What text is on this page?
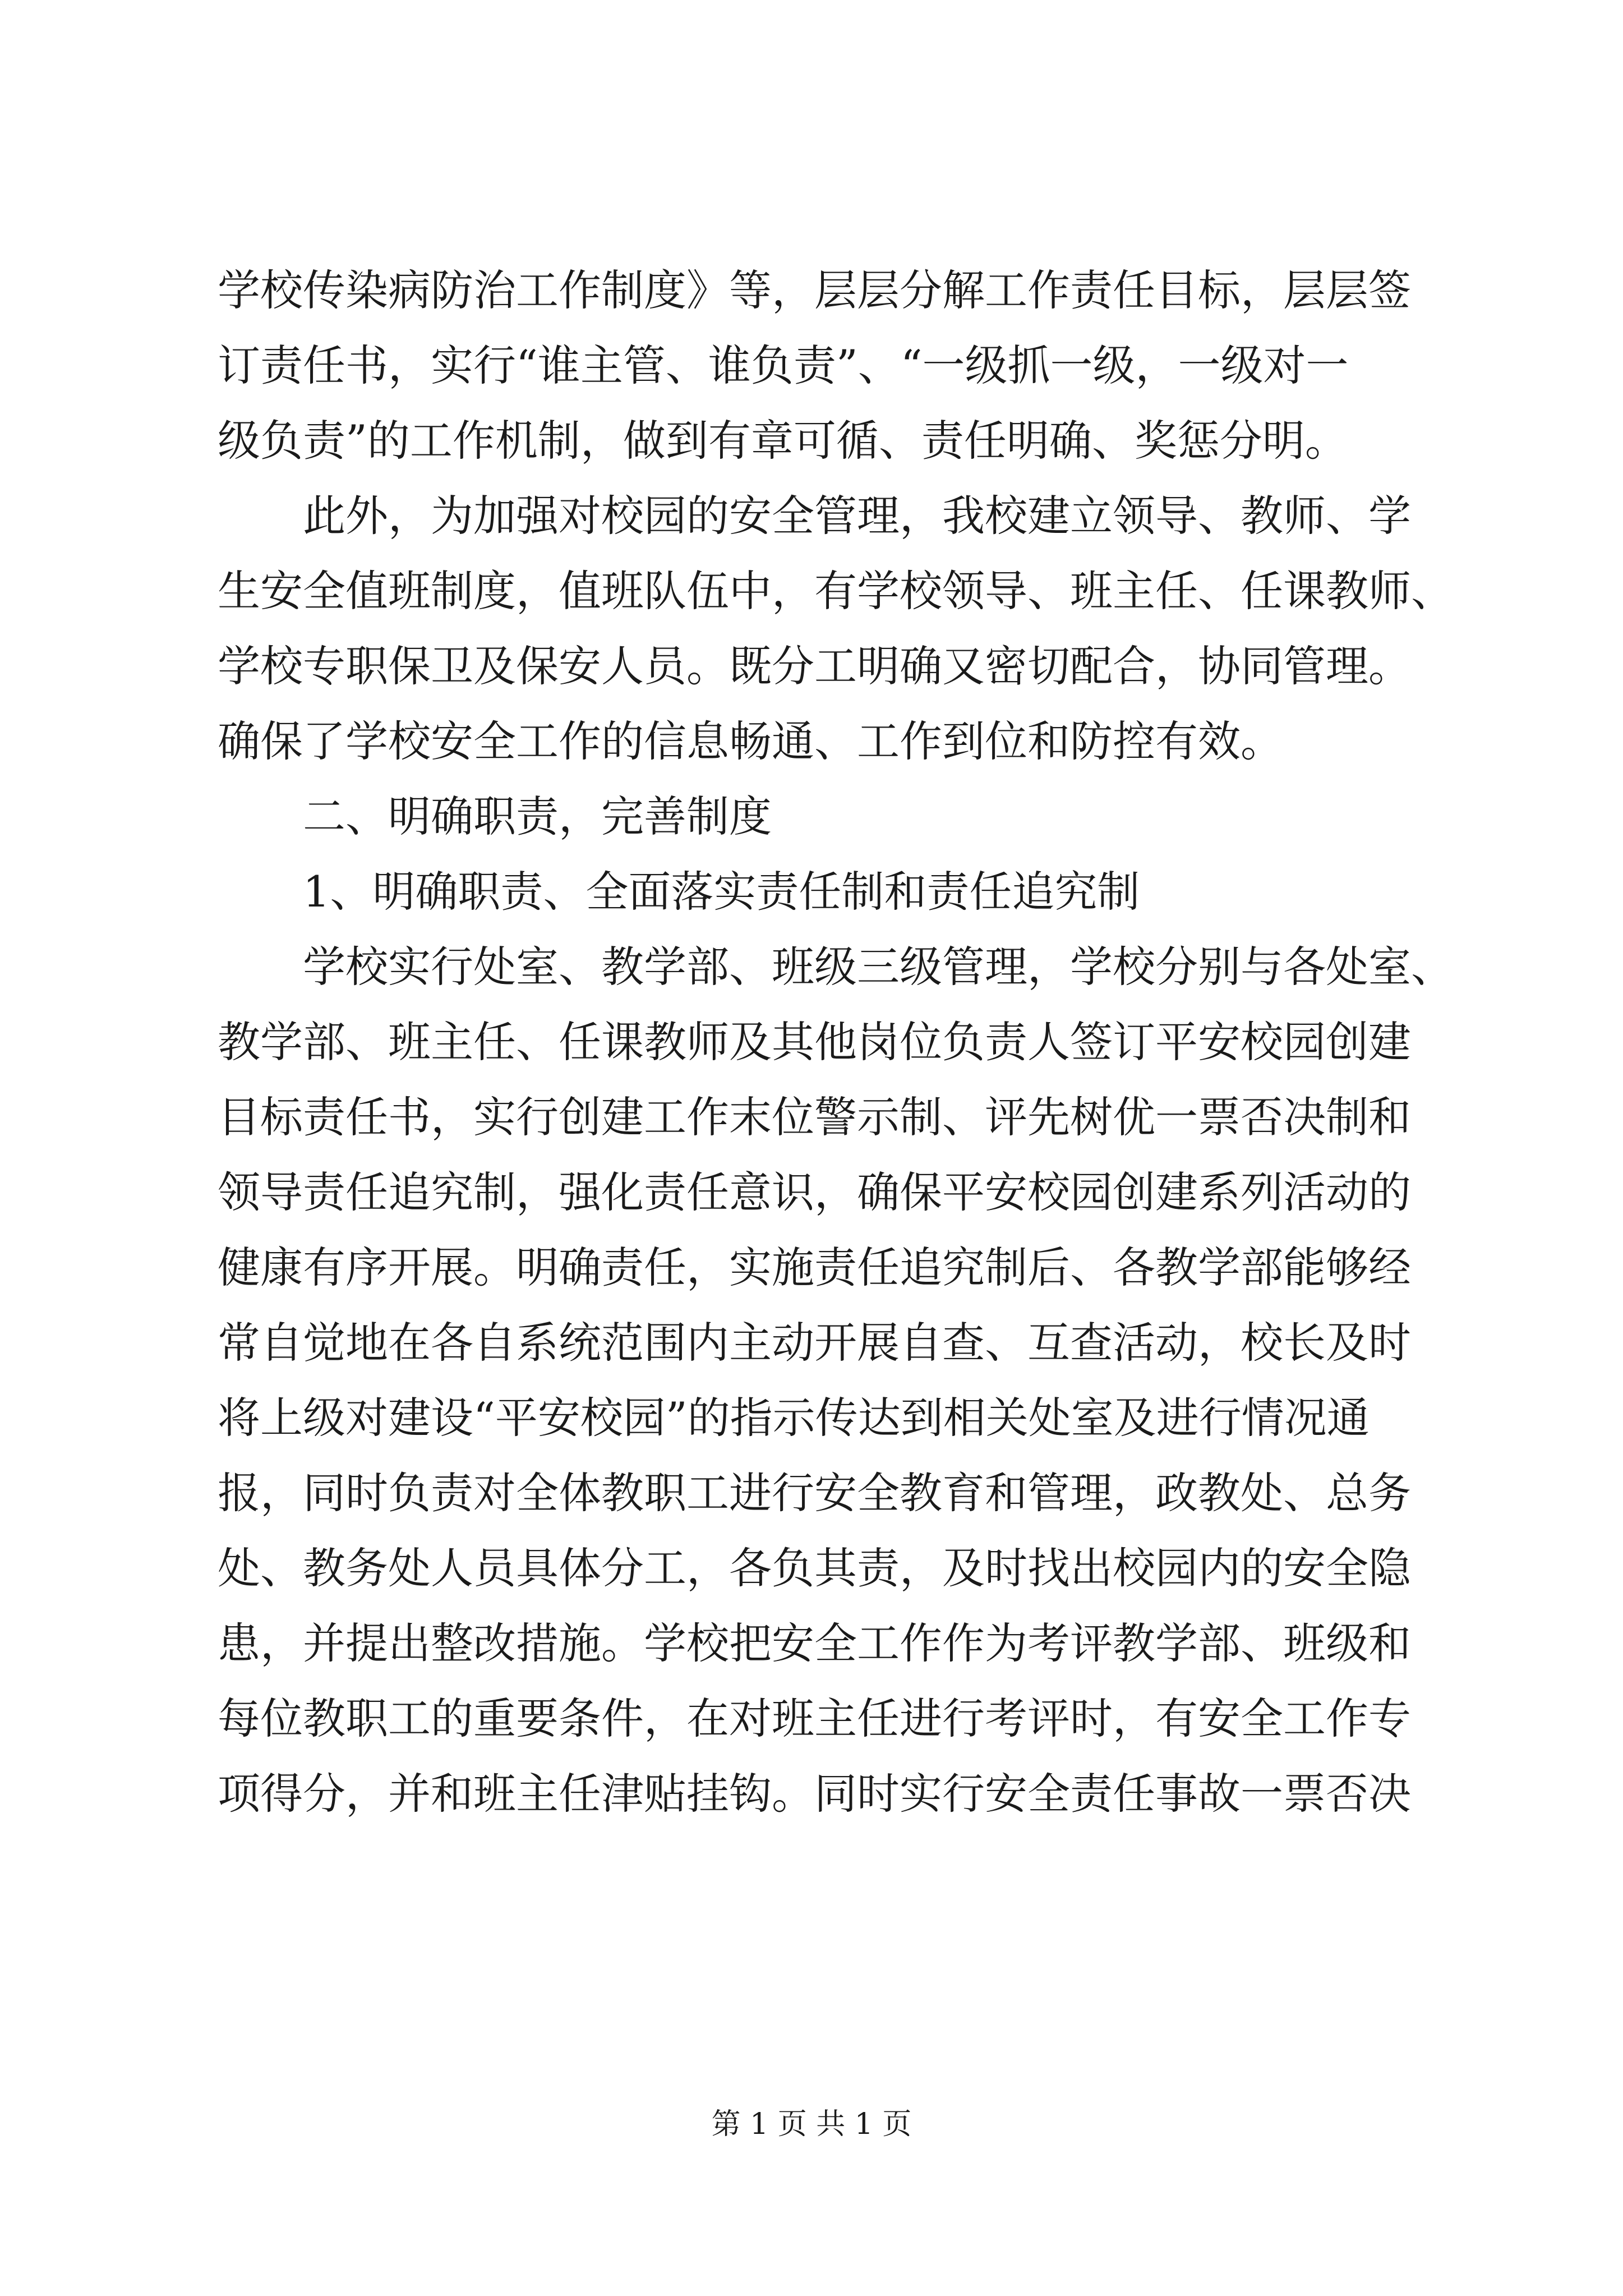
学校传染病防治工作制度》等，层层分解工作责任目标，层层签
订责任书，实行“谁主管、谁负责”、“一级抓一级，一级对一
级负责”的工作机制，做到有章可循、责任明确、奖惩分明。
此外，为加强对校园的安全管理，我校建立领导、教师、学
生安全值班制度，值班队伍中，有学校领导、班主任、任课教师、
学校专职保卫及保安人员。既分工明确又密切配合，协同管理。
确保了学校安全工作的信息畅通、工作到位和防控有效。
二、明确职责，完善制度
1、明确职责、全面落实责任制和责任追究制
学校实行处室、教学部、班级三级管理，学校分别与各处室、
教学部、班主任、任课教师及其他岗位负责人签订平安校园创建
目标责任书，实行创建工作末位警示制、评先树优一票否决制和
领导责任追究制，强化责任意识，确保平安校园创建系列活动的
健康有序开展。明确责任，实施责任追究制后、各教学部能够经
常自觉地在各自系统范围内主动开展自查、互查活动，校长及时
将上级对建设“平安校园”的指示传达到相关处室及进行情况通
报，同时负责对全体教职工进行安全教育和管理，政教处、总务
处、教务处人员具体分工，各负其责，及时找出校园内的安全隐
患，并提出整改措施。学校把安全工作作为考评教学部、班级和
每位教职工的重要条件，在对班主任进行考评时，有安全工作专
项得分，并和班主任津贴挂钩。同时实行安全责任事故一票否决
第 1 页 共 1 页
